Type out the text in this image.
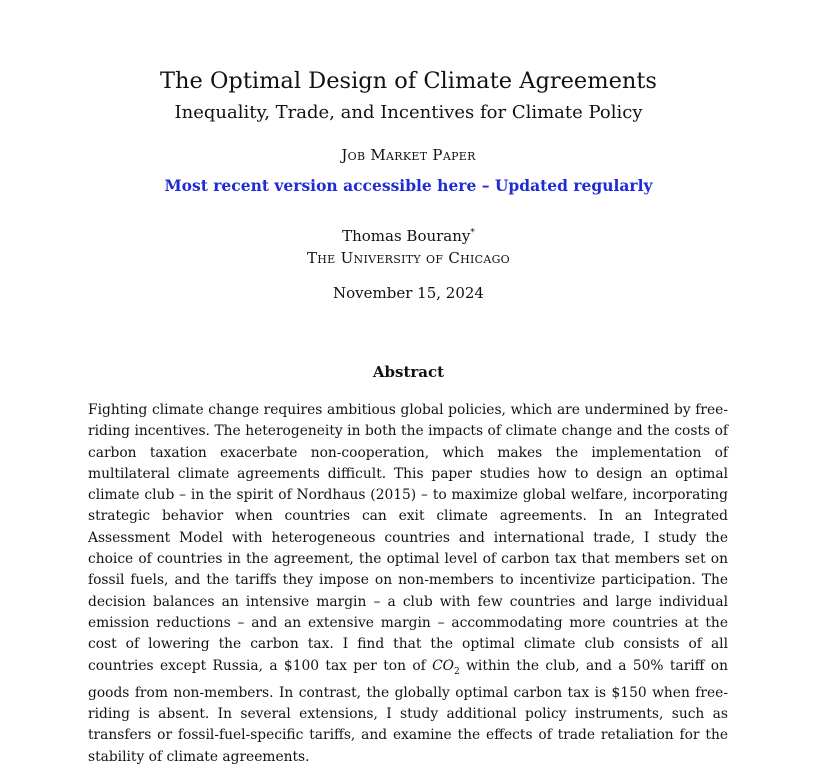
The Optimal Design of Climate Agreements
Inequality, Trade, and Incentives for Climate Policy
Job Market Paper
Most recent version accessible here – Updated regularly
Thomas Bourany*
The University of Chicago
November 15, 2024
Abstract
Fighting climate change requires ambitious global policies, which are undermined by free-riding incentives. The heterogeneity in both the impacts of climate change and the costs of carbon taxation exacerbate non-cooperation, which makes the implementation of multilateral climate agreements difficult. This paper studies how to design an optimal climate club – in the spirit of Nordhaus (2015) – to maximize global welfare, incorporating strategic behavior when countries can exit climate agreements. In an Integrated Assessment Model with heterogeneous countries and international trade, I study the choice of countries in the agreement, the optimal level of carbon tax that members set on fossil fuels, and the tariffs they impose on non-members to incentivize participation. The decision balances an intensive margin – a club with few countries and large individual emission reductions – and an extensive margin – accommodating more countries at the cost of lowering the carbon tax. I find that the optimal climate club consists of all countries except Russia, a $100 tax per ton of $CO_2$ within the club, and a 50% tariff on goods from non-members. In contrast, the globally optimal carbon tax is $150 when free-riding is absent. In several extensions, I study additional policy instruments, such as transfers or fossil-fuel-specific tariffs, and examine the effects of trade retaliation for the stability of climate agreements.
